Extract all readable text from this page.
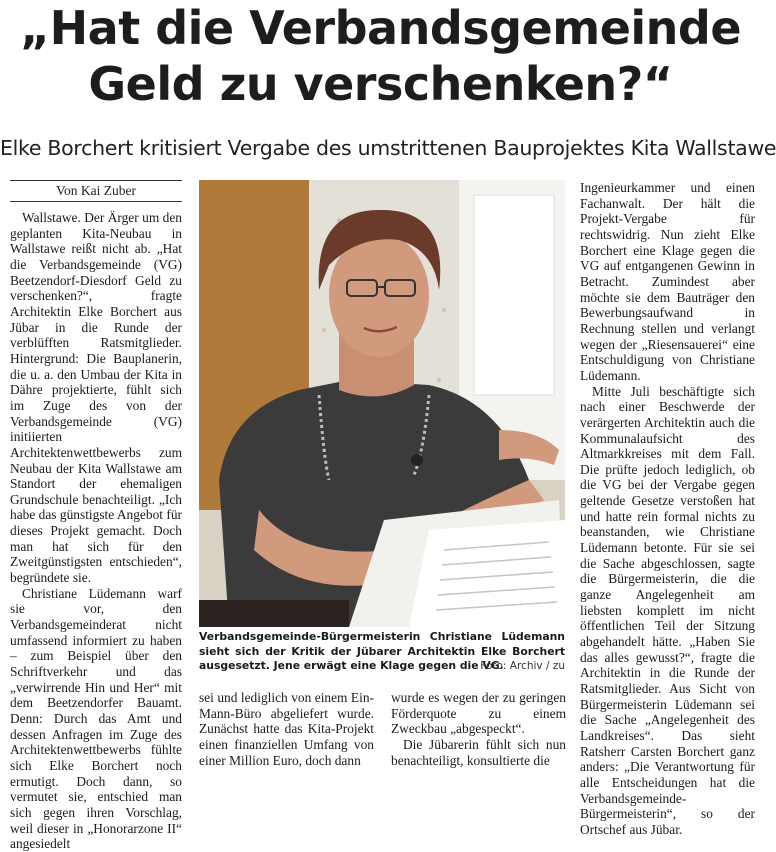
„Hat die Verbandsgemeinde
Geld zu verschenken?“
Elke Borchert kritisiert Vergabe des umstrittenen Bauprojektes Kita Wallstawe
Von Kai Zuber

Wallstawe. Der Ärger um den geplanten Kita-Neubau in Wallstawe reißt nicht ab. „Hat die Verbandsgemeinde (VG) Beetzendorf-Diesdorf Geld zu verschenken?“, fragte Architektin Elke Borchert aus Jübar in die Runde der verblüfften Ratsmitglieder. Hintergrund: Die Bauplanerin, die u. a. den Umbau der Kita in Dähre projektierte, fühlt sich im Zuge des von der Verbandsgemeinde (VG) initiierten Architektenwettbewerbs zum Neubau der Kita Wallstawe am Standort der ehemaligen Grundschule benachteiligt. „Ich habe das günstigste Angebot für dieses Projekt gemacht. Doch man hat sich für den Zweitgünstigsten entschieden“, begründete sie.

Christiane Lüdemann warf sie vor, den Verbandsgemeinderat nicht umfassend informiert zu haben – zum Beispiel über den Schriftverkehr und das „verwirrende Hin und Her“ mit dem Beetzendorfer Bauamt. Denn: Durch das Amt und dessen Anfragen im Zuge des Architektenwettbewerbs fühlte sich Elke Borchert noch ermutigt. Doch dann, so vermutet sie, entschied man sich gegen ihren Vorschlag, weil dieser in „Honorarzone II“ angesiedelt

Verbandsgemeinde-Bürgermeisterin Christiane Lüdemann sieht sich der Kritik der Jübarer Architektin Elke Borchert ausgesetzt. Jene erwägt eine Klage gegen die VG.
Foto: Archiv / zu

sei und lediglich von einem Ein-Mann-Büro abgeliefert wurde. Zunächst hatte das Kita-Projekt einen finanziellen Umfang von einer Million Euro, doch dann

wurde es wegen der zu geringen Förderquote zu einem Zweckbau „abgespeckt“.

Die Jübarerin fühlt sich nun benachteiligt, konsultierte die

Ingenieurkammer und einen Fachanwalt. Der hält die Projekt-Vergabe für rechtswidrig. Nun zieht Elke Borchert eine Klage gegen die VG auf entgangenen Gewinn in Betracht. Zumindest aber möchte sie dem Bauträger den Bewerbungsaufwand in Rechnung stellen und verlangt wegen der „Riesensauerei“ eine Entschuldigung von Christiane Lüdemann.

Mitte Juli beschäftigte sich nach einer Beschwerde der verärgerten Architektin auch die Kommunalaufsicht des Altmarkkreises mit dem Fall. Die prüfte jedoch lediglich, ob die VG bei der Vergabe gegen geltende Gesetze verstoßen hat und hatte rein formal nichts zu beanstanden, wie Christiane Lüdemann betonte. Für sie sei die Sache abgeschlossen, sagte die Bürgermeisterin, die die ganze Angelegenheit am liebsten komplett im nicht öffentlichen Teil der Sitzung abgehandelt hätte. „Haben Sie das alles gewusst?“, fragte die Architektin in die Runde der Ratsmitglieder. Aus Sicht von Bürgermeisterin Lüdemann sei die Sache „Angelegenheit des Landkreises“. Das sieht Ratsherr Carsten Borchert ganz anders: „Die Verantwortung für alle Entscheidungen hat die Verbandsgemeinde-Bürgermeisterin“, so der Ortschef aus Jübar.
